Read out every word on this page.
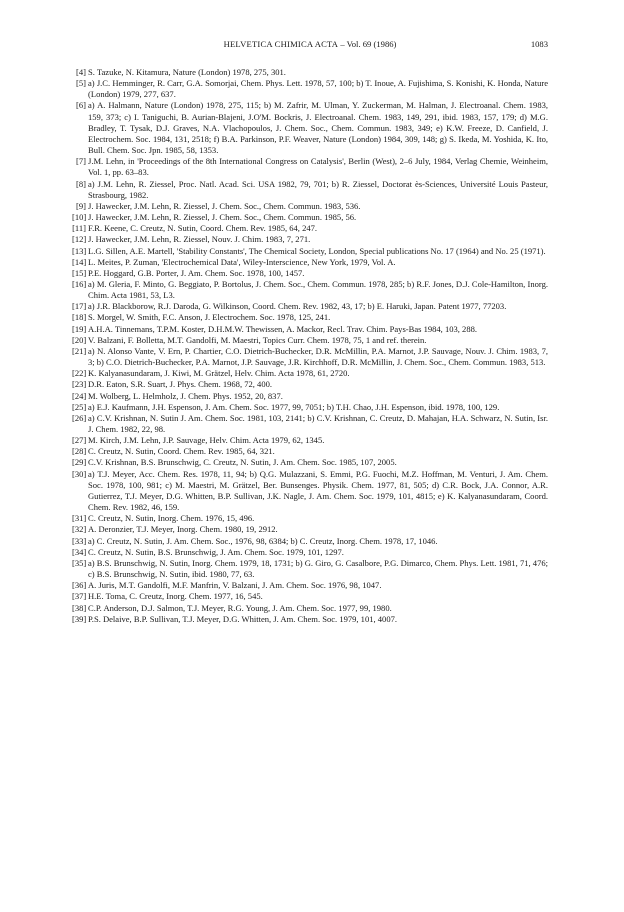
HELVETICA CHIMICA ACTA – Vol. 69 (1986)	1083
[4] S. Tazuke, N. Kitamura, Nature (London) 1978, 275, 301.
[5] a) J.C. Hemminger, R. Carr, G.A. Somorjai, Chem. Phys. Lett. 1978, 57, 100; b) T. Inoue, A. Fujishima, S. Konishi, K. Honda, Nature (London) 1979, 277, 637.
[6] a) A. Halmann, Nature (London) 1978, 275, 115; b) M. Zafrir, M. Ulman, Y. Zuckerman, M. Halman, J. Electroanal. Chem. 1983, 159, 373; c) I. Taniguchi, B. Aurian-Blajeni, J.O'M. Bockris, J. Electroanal. Chem. 1983, 149, 291, ibid. 1983, 157, 179; d) M.G. Bradley, T. Tysak, D.J. Graves, N.A. Vlachopoulos, J. Chem. Soc., Chem. Commun. 1983, 349; e) K.W. Freeze, D. Canfield, J. Electrochem. Soc. 1984, 131, 2518; f) B.A. Parkinson, P.F. Weaver, Nature (London) 1984, 309, 148; g) S. Ikeda, M. Yoshida, K. Ito, Bull. Chem. Soc. Jpn. 1985, 58, 1353.
[7] J.M. Lehn, in 'Proceedings of the 8th International Congress on Catalysis', Berlin (West), 2–6 July, 1984, Verlag Chemie, Weinheim, Vol. 1, pp. 63–83.
[8] a) J.M. Lehn, R. Ziessel, Proc. Natl. Acad. Sci. USA 1982, 79, 701; b) R. Ziessel, Doctorat ès-Sciences, Université Louis Pasteur, Strasbourg, 1982.
[9] J. Hawecker, J.M. Lehn, R. Ziessel, J. Chem. Soc., Chem. Commun. 1983, 536.
[10] J. Hawecker, J.M. Lehn, R. Ziessel, J. Chem. Soc., Chem. Commun. 1985, 56.
[11] F.R. Keene, C. Creutz, N. Sutin, Coord. Chem. Rev. 1985, 64, 247.
[12] J. Hawecker, J.M. Lehn, R. Ziessel, Nouv. J. Chim. 1983, 7, 271.
[13] L.G. Sillen, A.E. Martell, 'Stability Constants', The Chemical Society, London, Special publications No. 17 (1964) and No. 25 (1971).
[14] L. Meites, P. Zuman, 'Electrochemical Data', Wiley-Interscience, New York, 1979, Vol. A.
[15] P.E. Hoggard, G.B. Porter, J. Am. Chem. Soc. 1978, 100, 1457.
[16] a) M. Gleria, F. Minto, G. Beggiato, P. Bortolus, J. Chem. Soc., Chem. Commun. 1978, 285; b) R.F. Jones, D.J. Cole-Hamilton, Inorg. Chim. Acta 1981, 53, L3.
[17] a) J.R. Blackborow, R.J. Daroda, G. Wilkinson, Coord. Chem. Rev. 1982, 43, 17; b) E. Haruki, Japan. Patent 1977, 77203.
[18] S. Morgel, W. Smith, F.C. Anson, J. Electrochem. Soc. 1978, 125, 241.
[19] A.H.A. Tinnemans, T.P.M. Koster, D.H.M.W. Thewissen, A. Mackor, Recl. Trav. Chim. Pays-Bas 1984, 103, 288.
[20] V. Balzani, F. Bolletta, M.T. Gandolfi, M. Maestri, Topics Curr. Chem. 1978, 75, 1 and ref. therein.
[21] a) N. Alonso Vante, V. Ern, P. Chartier, C.O. Dietrich-Buchecker, D.R. McMillin, P.A. Marnot, J.P. Sauvage, Nouv. J. Chim. 1983, 7, 3; b) C.O. Dietrich-Buchecker, P.A. Marnot, J.P. Sauvage, J.R. Kirchhoff, D.R. McMillin, J. Chem. Soc., Chem. Commun. 1983, 513.
[22] K. Kalyanasundaram, J. Kiwi, M. Grätzel, Helv. Chim. Acta 1978, 61, 2720.
[23] D.R. Eaton, S.R. Suart, J. Phys. Chem. 1968, 72, 400.
[24] M. Wolberg, L. Helmholz, J. Chem. Phys. 1952, 20, 837.
[25] a) E.J. Kaufmann, J.H. Espenson, J. Am. Chem. Soc. 1977, 99, 7051; b) T.H. Chao, J.H. Espenson, ibid. 1978, 100, 129.
[26] a) C.V. Krishnan, N. Sutin J. Am. Chem. Soc. 1981, 103, 2141; b) C.V. Krishnan, C. Creutz, D. Mahajan, H.A. Schwarz, N. Sutin, Isr. J. Chem. 1982, 22, 98.
[27] M. Kirch, J.M. Lehn, J.P. Sauvage, Helv. Chim. Acta 1979, 62, 1345.
[28] C. Creutz, N. Sutin, Coord. Chem. Rev. 1985, 64, 321.
[29] C.V. Krishnan, B.S. Brunschwig, C. Creutz, N. Sutin, J. Am. Chem. Soc. 1985, 107, 2005.
[30] a) T.J. Meyer, Acc. Chem. Res. 1978, 11, 94; b) Q.G. Mulazzani, S. Emmi, P.G. Fuochi, M.Z. Hoffman, M. Venturi, J. Am. Chem. Soc. 1978, 100, 981; c) M. Maestri, M. Grätzel, Ber. Bunsenges. Physik. Chem. 1977, 81, 505; d) C.R. Bock, J.A. Connor, A.R. Gutierrez, T.J. Meyer, D.G. Whitten, B.P. Sullivan, J.K. Nagle, J. Am. Chem. Soc. 1979, 101, 4815; e) K. Kalyanasundaram, Coord. Chem. Rev. 1982, 46, 159.
[31] C. Creutz, N. Sutin, Inorg. Chem. 1976, 15, 496.
[32] A. Deronzier, T.J. Meyer, Inorg. Chem. 1980, 19, 2912.
[33] a) C. Creutz, N. Sutin, J. Am. Chem. Soc., 1976, 98, 6384; b) C. Creutz, Inorg. Chem. 1978, 17, 1046.
[34] C. Creutz, N. Sutin, B.S. Brunschwig, J. Am. Chem. Soc. 1979, 101, 1297.
[35] a) B.S. Brunschwig, N. Sutin, Inorg. Chem. 1979, 18, 1731; b) G. Giro, G. Casalbore, P.G. Dimarco, Chem. Phys. Lett. 1981, 71, 476; c) B.S. Brunschwig, N. Sutin, ibid. 1980, 77, 63.
[36] A. Juris, M.T. Gandolfi, M.F. Manfrin, V. Balzani, J. Am. Chem. Soc. 1976, 98, 1047.
[37] H.E. Toma, C. Creutz, Inorg. Chem. 1977, 16, 545.
[38] C.P. Anderson, D.J. Salmon, T.J. Meyer, R.G. Young, J. Am. Chem. Soc. 1977, 99, 1980.
[39] P.S. Delaive, B.P. Sullivan, T.J. Meyer, D.G. Whitten, J. Am. Chem. Soc. 1979, 101, 4007.
